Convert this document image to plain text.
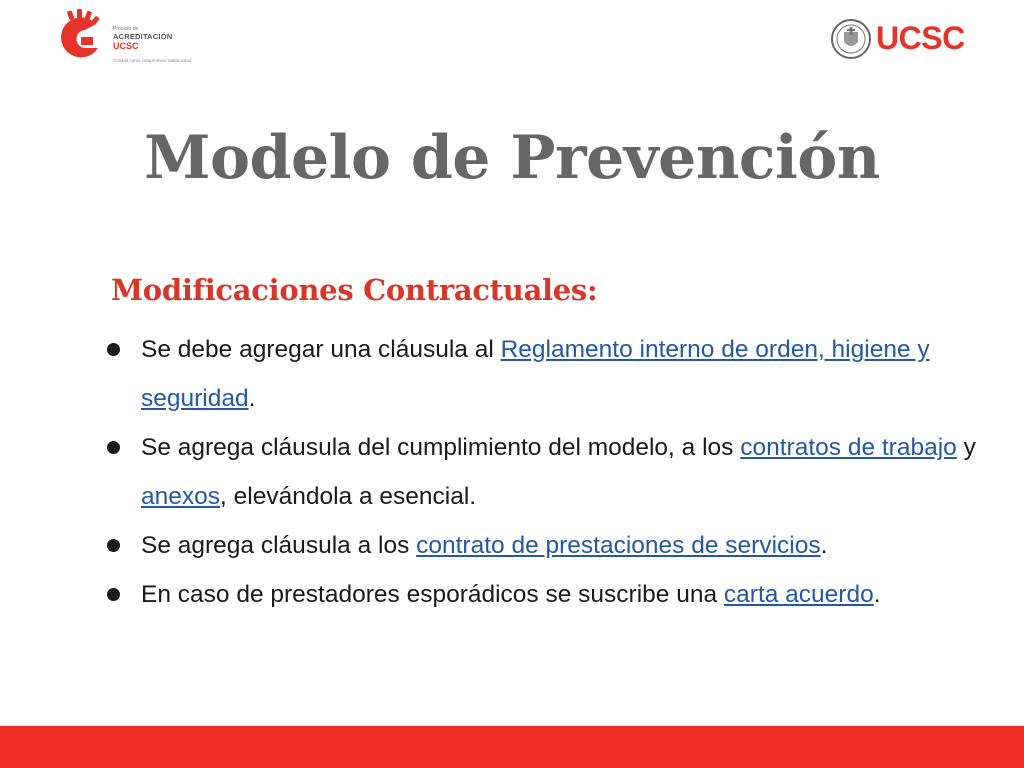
Proceso de
ACREDITACIÓN
UCSC
Calidad como compromiso institucional
UCSC
Modelo de Prevención
Modificaciones Contractuales:
Se debe agregar una cláusula al Reglamento interno de orden, higiene y seguridad.
Se agrega cláusula del cumplimiento del modelo, a los contratos de trabajo y anexos, elevándola a esencial.
Se agrega cláusula a los contrato de prestaciones de servicios.
En caso de prestadores esporádicos se suscribe una carta acuerdo.
